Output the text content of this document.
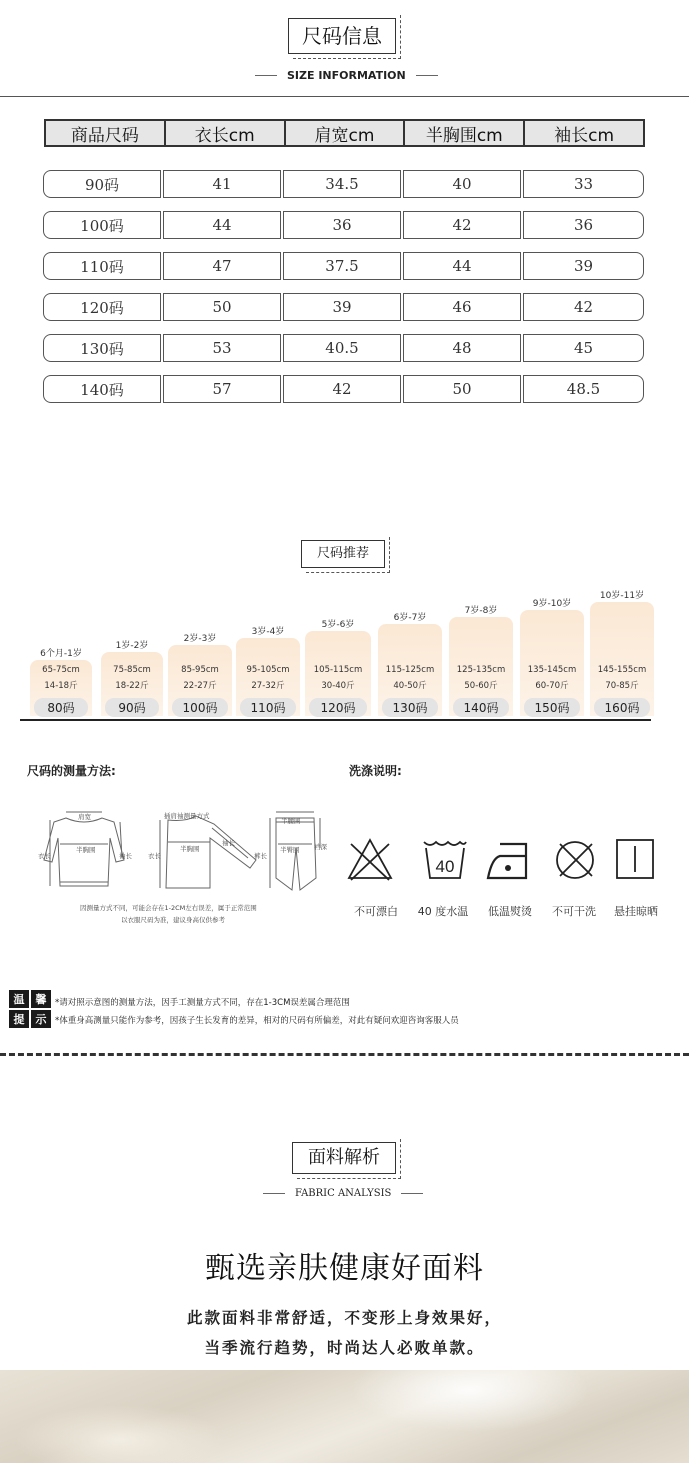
尺码信息
SIZE INFORMATION
商品尺码	衣长cm	肩宽cm	半胸围cm	袖长cm
90码	41	34.5	40	33
100码	44	36	42	36
110码	47	37.5	44	39
120码	50	39	46	42
130码	53	40.5	48	45
140码	57	42	50	48.5
尺码推荐
6个月-1岁
65-75cm
14-18斤
80码
1岁-2岁
75-85cm
18-22斤
90码
2岁-3岁
85-95cm
22-27斤
100码
3岁-4岁
95-105cm
27-32斤
110码
5岁-6岁
105-115cm
30-40斤
120码
6岁-7岁
115-125cm
40-50斤
130码
7岁-8岁
125-135cm
50-60斤
140码
9岁-10岁
135-145cm
60-70斤
150码
10岁-11岁
145-155cm
70-85斤
160码
尺码的测量方法:	洗涤说明:
肩宽
半胸围
衣长	袖长
插肩袖测量方式
衣长
半胸围
袖长
半腰围
裤长
半臀围 裆深
因测量方式不同，可能会存在1-2CM左右误差，属于正常范围
以衣服尺码为准，建议身高仅供参考
40
不可漂白	40 度水温	低温熨烫	不可干洗	悬挂晾晒
温	馨
提	示
*请对照示意图的测量方法，因手工测量方式不同，存在1-3CM误差属合理范围
*体重身高测量只能作为参考，因孩子生长发育的差异，相对的尺码有所偏差，对此有疑问欢迎咨询客服人员
面料解析
FABRIC ANALYSIS
甄选亲肤健康好面料
此款面料非常舒适，不变形上身效果好，
当季流行趋势，时尚达人必败单款。
